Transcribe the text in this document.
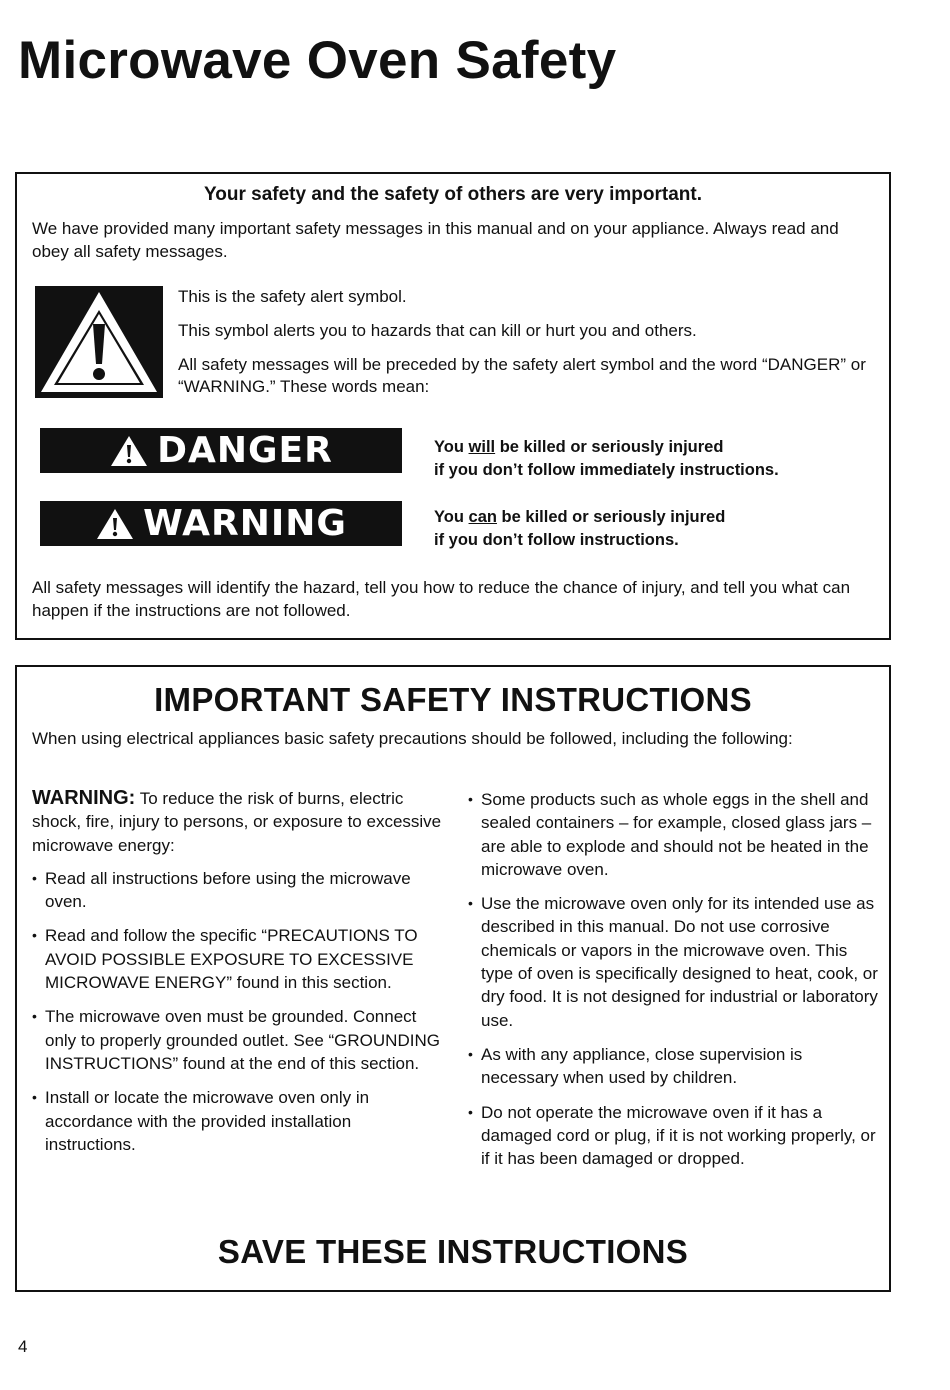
Microwave Oven Safety
Your safety and the safety of others are very important.
We have provided many important safety messages in this manual and on your appliance. Always read and obey all safety messages.

This is the safety alert symbol.

This symbol alerts you to hazards that can kill or hurt you and others.

All safety messages will be preceded by the safety alert symbol and the word “DANGER” or “WARNING.” These words mean:

DANGER	You will be killed or seriously injured
if you don’t follow immediately instructions.
WARNING	You can be killed or seriously injured
if you don’t follow instructions.
All safety messages will identify the hazard, tell you how to reduce the chance of injury, and tell you what can happen if the instructions are not followed.
IMPORTANT SAFETY INSTRUCTIONS
When using electrical appliances basic safety precautions should be followed, including the following:

WARNING: To reduce the risk of burns, electric shock, fire, injury to persons, or exposure to excessive microwave energy:

• Read all instructions before using the microwave oven.
• Read and follow the specific “PRECAUTIONS TO AVOID POSSIBLE EXPOSURE TO EXCESSIVE MICROWAVE ENERGY” found in this section.
• The microwave oven must be grounded. Connect only to properly grounded outlet. See “GROUNDING INSTRUCTIONS” found at the end of this section.
• Install or locate the microwave oven only in accordance with the provided installation instructions.
• Some products such as whole eggs in the shell and sealed containers – for example, closed glass jars – are able to explode and should not be heated in the microwave oven.
• Use the microwave oven only for its intended use as described in this manual. Do not use corrosive chemicals or vapors in the microwave oven. This type of oven is specifically designed to heat, cook, or dry food. It is not designed for industrial or laboratory use.
• As with any appliance, close supervision is necessary when used by children.
• Do not operate the microwave oven if it has a damaged cord or plug, if it is not working properly, or if it has been damaged or dropped.
SAVE THESE INSTRUCTIONS
4
